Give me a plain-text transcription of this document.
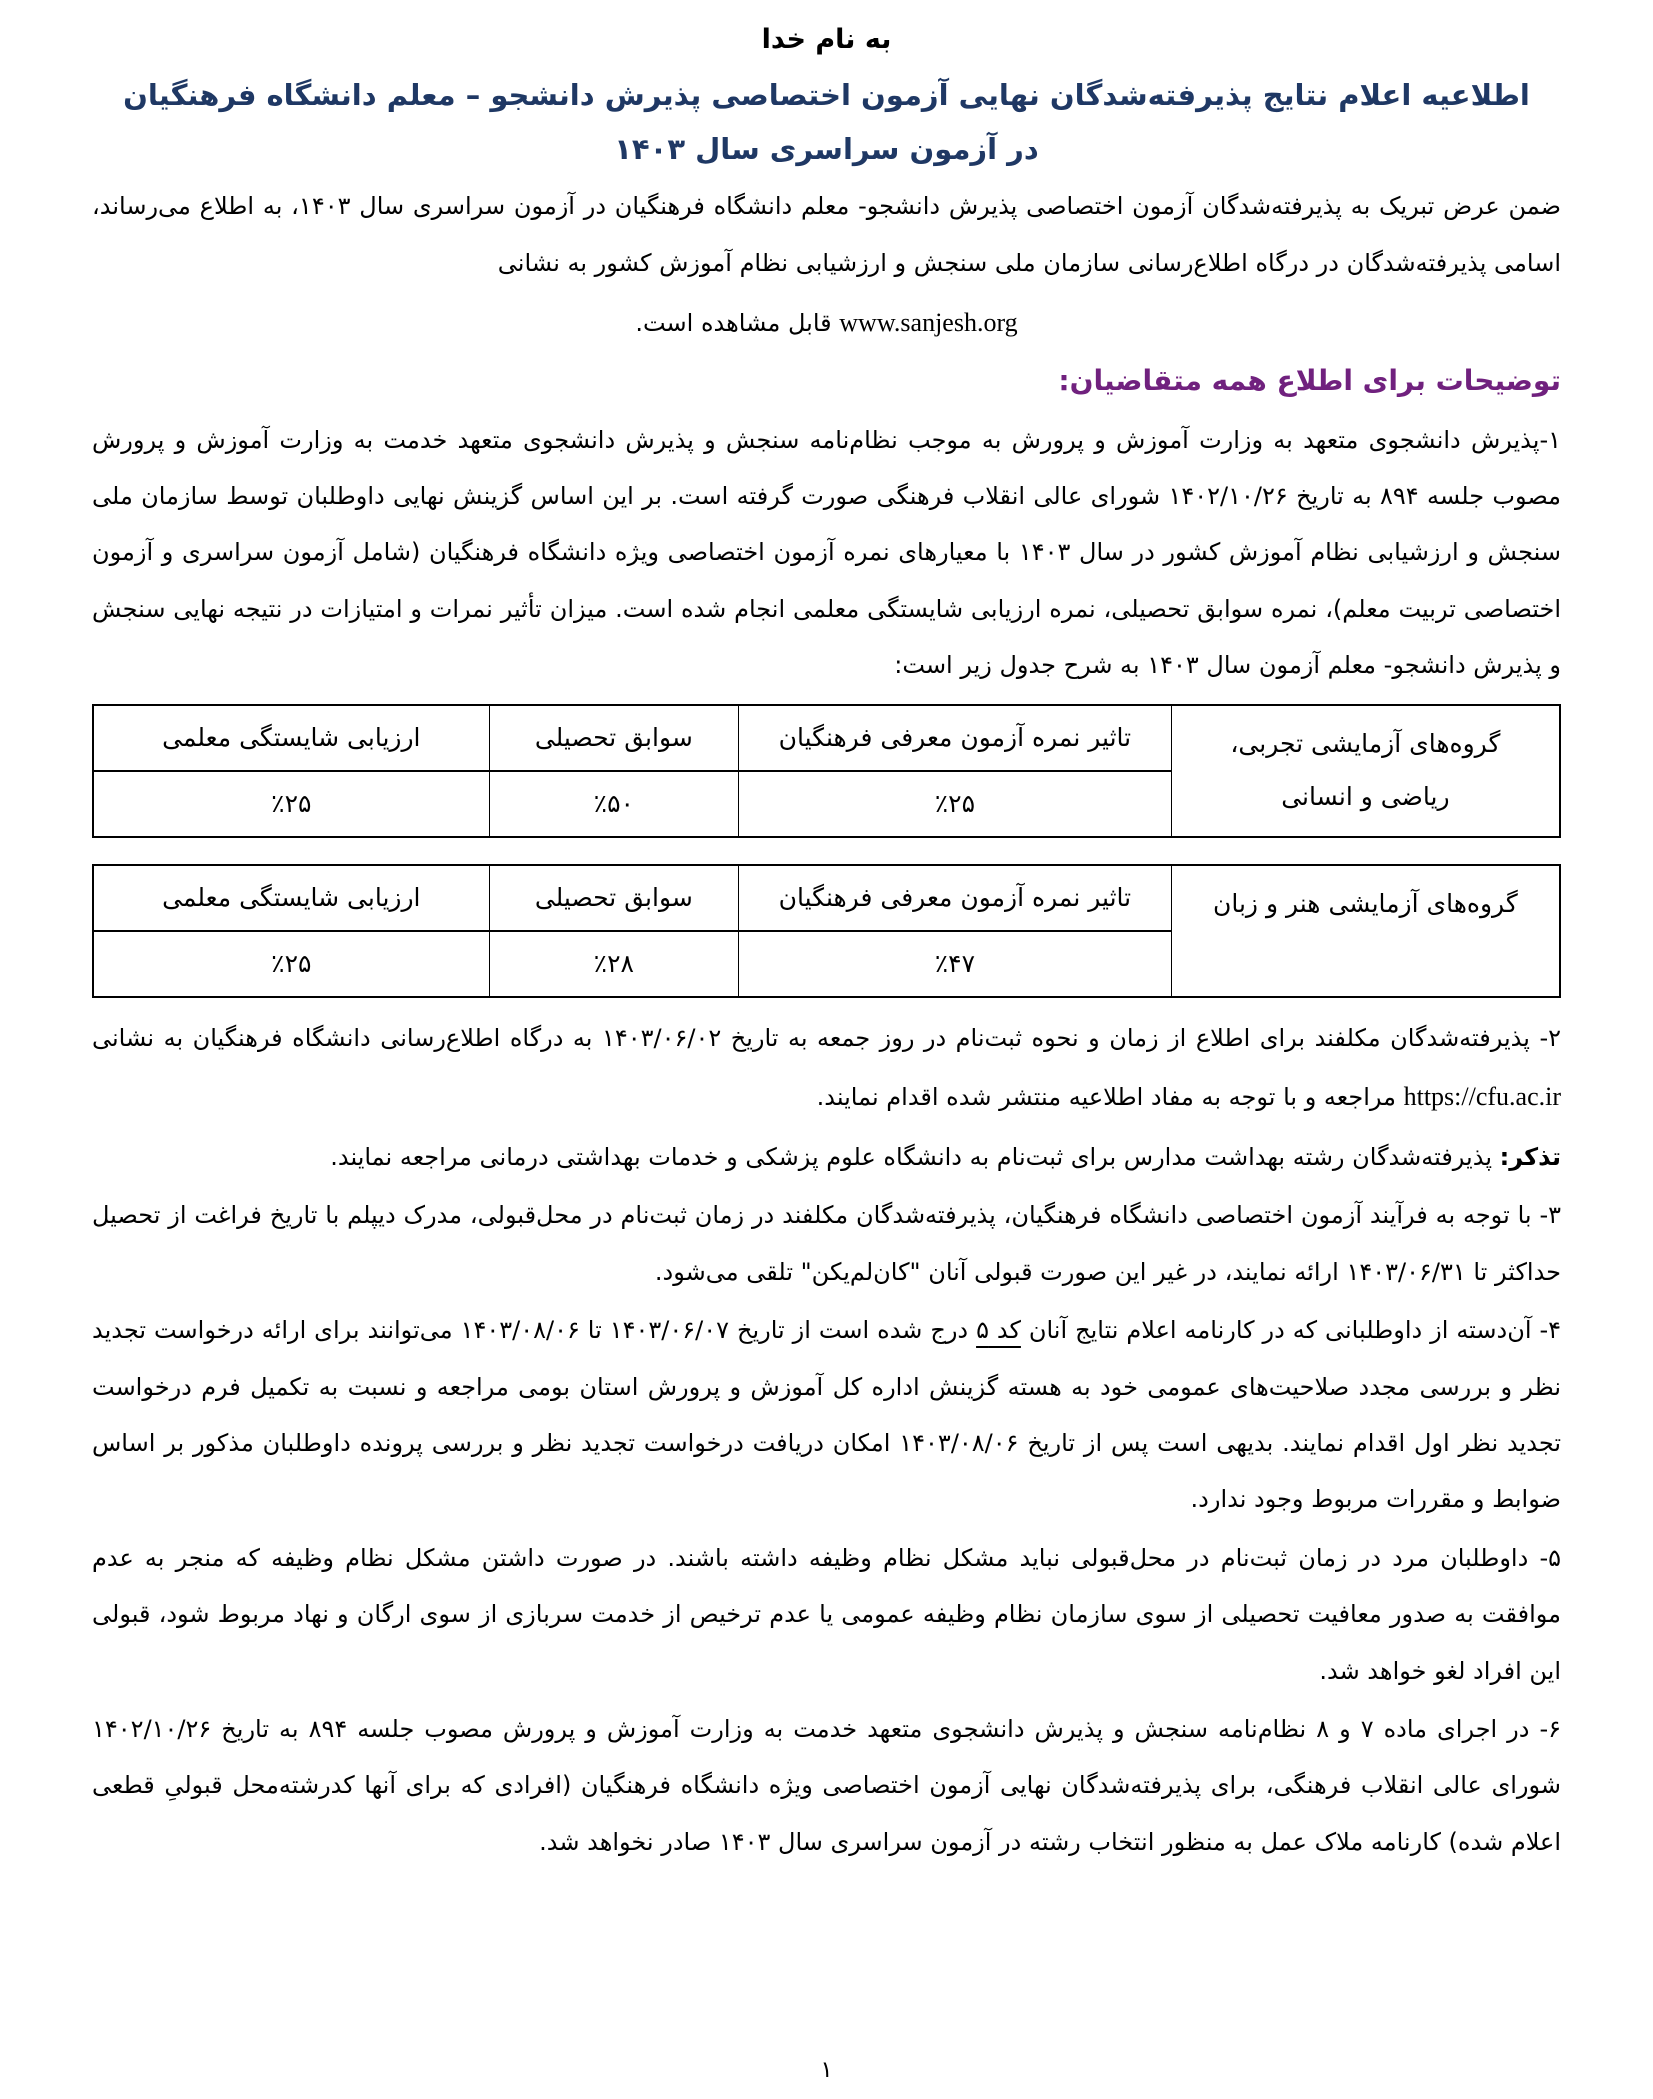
به نام خدا
اطلاعیه اعلام نتایج پذیرفته‌شدگان نهایی آزمون اختصاصی پذیرش دانشجو – معلم دانشگاه فرهنگیان
در آزمون سراسری سال ۱۴۰۳

ضمن عرض تبریک به پذیرفته‌شدگان آزمون اختصاصی پذیرش دانشجو- معلم دانشگاه فرهنگیان در آزمون سراسری سال ۱۴۰۳، به اطلاع می‌رساند، اسامی پذیرفته‌شدگان در درگاه اطلاع‌رسانی سازمان ملی سنجش و ارزشیابی نظام آموزش کشور به نشانی

www.sanjesh.org قابل مشاهده است.
توضیحات برای اطلاع همه متقاضیان:

۱-پذیرش دانشجوی متعهد به وزارت آموزش و پرورش به موجب نظام‌نامه سنجش و پذیرش دانشجوی متعهد خدمت به وزارت آموزش و پرورش مصوب جلسه ۸۹۴ به تاریخ ۱۴۰۲/۱۰/۲۶ شورای عالی انقلاب فرهنگی صورت گرفته است. بر این اساس گزینش نهایی داوطلبان توسط سازمان ملی سنجش و ارزشیابی نظام آموزش کشور در سال ۱۴۰۳ با معیارهای نمره آزمون اختصاصی ویژه دانشگاه فرهنگیان (شامل آزمون سراسری و آزمون اختصاصی تربیت معلم)، نمره سوابق تحصیلی، نمره ارزیابی شایستگی معلمی انجام شده است. میزان تأثیر نمرات و امتیازات در نتیجه نهایی سنجش و پذیرش دانشجو- معلم آزمون سال ۱۴۰۳ به شرح جدول زیر است:

گروه‌های آزمایشی تجربی،
ریاضی و انسانی	تاثیر نمره آزمون معرفی فرهنگیان	سوابق تحصیلی	ارزیابی شایستگی معلمی
	٪۲۵	٪۵۰	٪۲۵
گروه‌های آزمایشی هنر و زبان	تاثیر نمره آزمون معرفی فرهنگیان	سوابق تحصیلی	ارزیابی شایستگی معلمی
	٪۴۷	٪۲۸	٪۲۵

۲- پذیرفته‌شدگان مکلفند برای اطلاع از زمان و نحوه ثبت‌نام در روز جمعه به تاریخ ۱۴۰۳/۰۶/۰۲ به درگاه اطلاع‌رسانی دانشگاه فرهنگیان به نشانی https://cfu.ac.ir مراجعه و با توجه به مفاد اطلاعیه منتشر شده اقدام نمایند.

تذکر: پذیرفته‌شدگان رشته بهداشت مدارس برای ثبت‌نام به دانشگاه علوم پزشکی و خدمات بهداشتی درمانی مراجعه نمایند.

۳- با توجه به فرآیند آزمون اختصاصی دانشگاه فرهنگیان، پذیرفته‌شدگان مکلفند در زمان ثبت‌نام در محل‌قبولی، مدرک دیپلم با تاریخ فراغت از تحصیل حداکثر تا ۱۴۰۳/۰۶/۳۱ ارائه نمایند، در غیر این صورت قبولی آنان "کان‌لم‌یکن" تلقی می‌شود.

۴- آن‌دسته از داوطلبانی که در کارنامه اعلام نتایج آنان کد ۵ درج شده است از تاریخ ۱۴۰۳/۰۶/۰۷ تا ۱۴۰۳/۰۸/۰۶ می‌توانند برای ارائه درخواست تجدید نظر و بررسی مجدد صلاحیت‌های عمومی خود به هسته گزینش اداره کل آموزش و پرورش استان بومی مراجعه و نسبت به تکمیل فرم درخواست تجدید نظر اول اقدام نمایند. بدیهی است پس از تاریخ ۱۴۰۳/۰۸/۰۶ امکان دریافت درخواست تجدید نظر و بررسی پرونده داوطلبان مذکور بر اساس ضوابط و مقررات مربوط وجود ندارد.

۵- داوطلبان مرد در زمان ثبت‌نام در محل‌قبولی نباید مشکل نظام وظیفه داشته باشند. در صورت داشتن مشکل نظام وظیفه که منجر به عدم موافقت به صدور معافیت تحصیلی از سوی سازمان نظام وظیفه عمومی یا عدم ترخیص از خدمت سربازی از سوی ارگان و نهاد مربوط شود، قبولی این افراد لغو خواهد شد.

۶- در اجرای ماده ۷ و ۸ نظام‌نامه سنجش و پذیرش دانشجوی متعهد خدمت به وزارت آموزش و پرورش مصوب جلسه ۸۹۴ به تاریخ ۱۴۰۲/۱۰/۲۶ شورای عالی انقلاب فرهنگی، برای پذیرفته‌شدگان نهایی آزمون اختصاصی ویژه دانشگاه فرهنگیان (افرادی که برای آنها کدرشته‌محل قبولیِ قطعی اعلام شده) کارنامه ملاک عمل به منظور انتخاب رشته در آزمون سراسری سال ۱۴۰۳ صادر نخواهد شد.

۱
